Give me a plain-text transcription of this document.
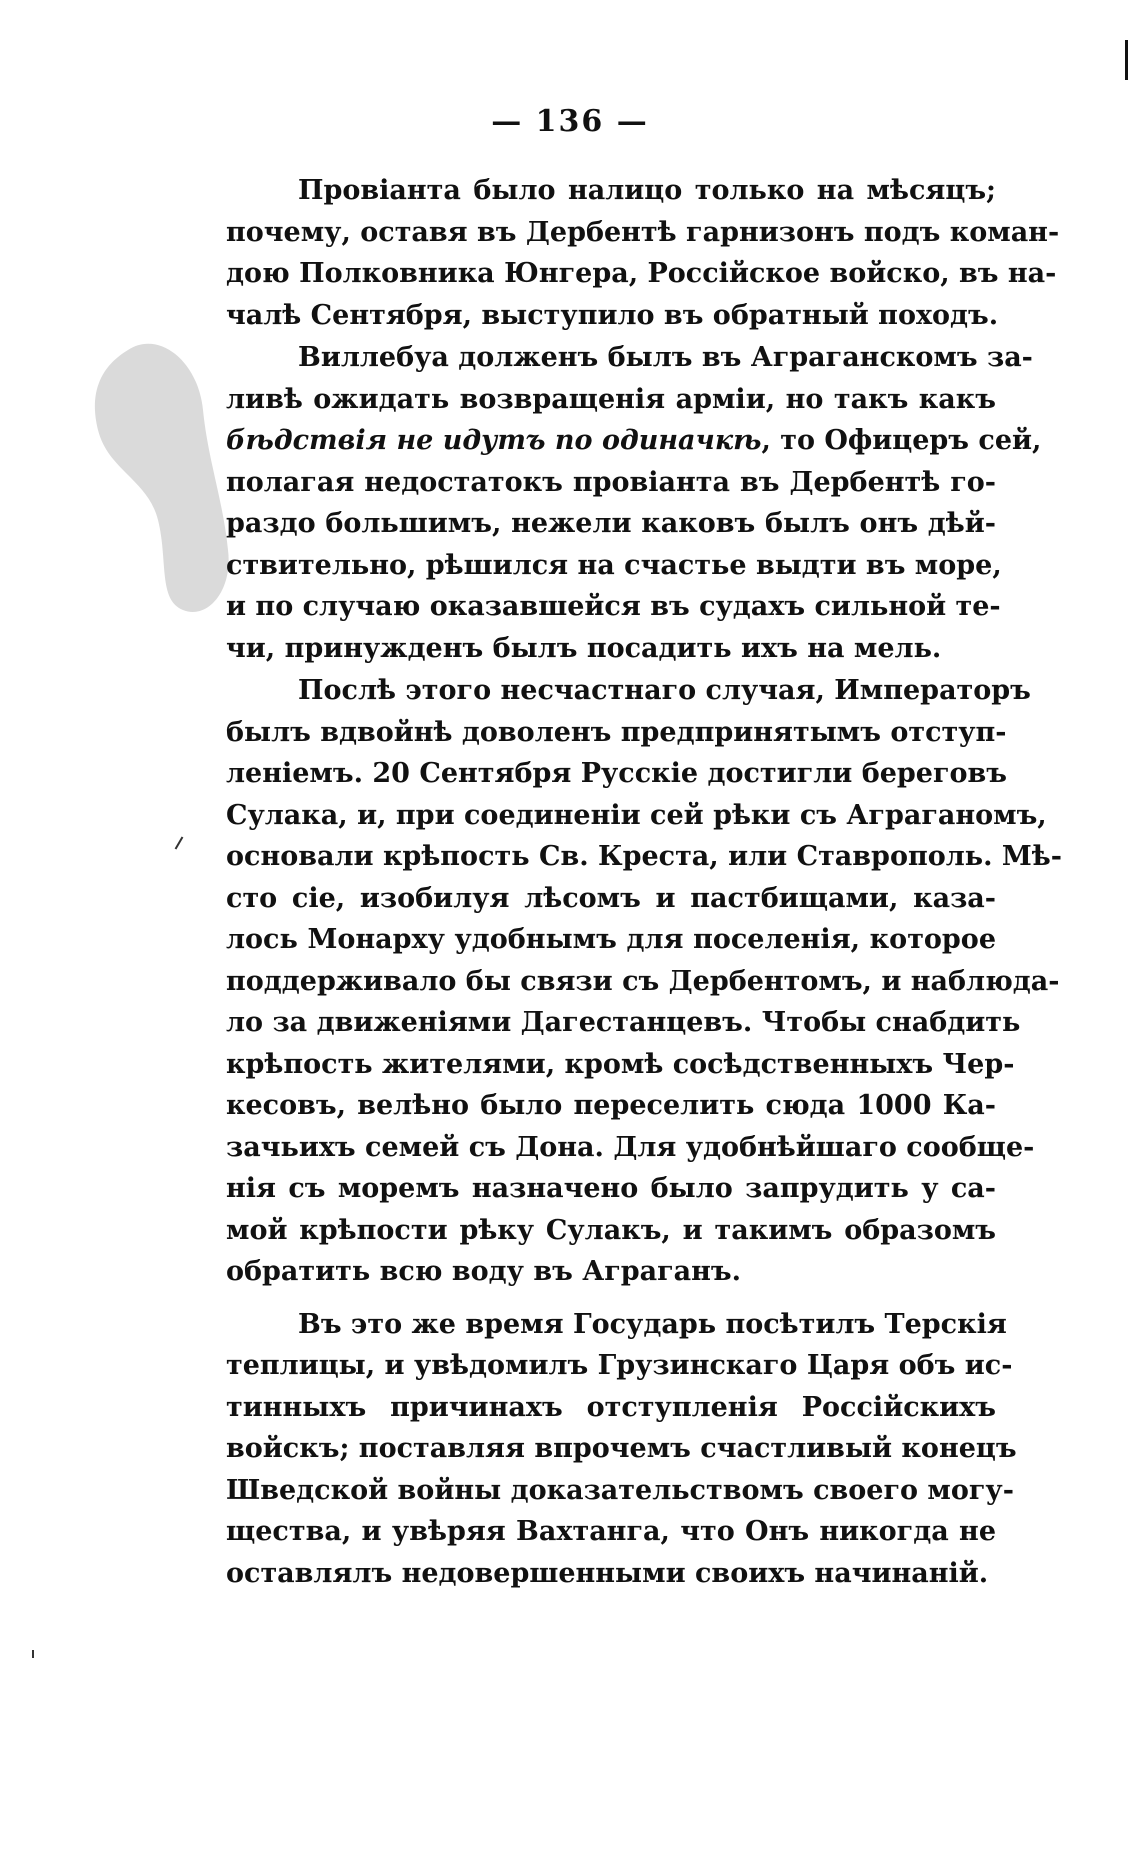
— 136 —
Провіанта было налицо только на мѣсяцъ;
почему, оставя въ Дербентѣ гарнизонъ подъ коман-
дою Полковника Юнгера, Россійское войско, въ на-
чалѣ Сентября, выступило въ обратный походъ.
Виллебуа долженъ былъ въ Аграганскомъ за-
ливѣ ожидать возвращенія арміи, но такъ какъ
бѣдствія не идутъ по одиначкѣ, то Офицеръ сей,
полагая недостатокъ провіанта въ Дербентѣ го-
раздо большимъ, нежели каковъ былъ онъ дѣй-
ствительно, рѣшился на счастье выдти въ море,
и по случаю оказавшейся въ судахъ сильной те-
чи, принужденъ былъ посадить ихъ на мель.
Послѣ этого несчастнаго случая, Императоръ
былъ вдвойнѣ доволенъ предпринятымъ отступ-
леніемъ. 20 Сентября Русскіе достигли береговъ
Сулака, и, при соединеніи сей рѣки съ Аграганомъ,
основали крѣпость Св. Креста, или Ставрополь. Мѣ-
сто сіе, изобилуя лѣсомъ и пастбищами, каза-
лось Монарху удобнымъ для поселенія, которое
поддерживало бы связи съ Дербентомъ, и наблюда-
ло за движеніями Дагестанцевъ. Чтобы снабдить
крѣпость жителями, кромѣ сосѣдственныхъ Чер-
кесовъ, велѣно было переселить сюда 1000 Ка-
зачьихъ семей съ Дона. Для удобнѣйшаго сообще-
нія съ моремъ назначено было запрудить у са-
мой крѣпости рѣку Сулакъ, и такимъ образомъ
обратить всю воду въ Аграганъ.
Въ это же время Государь посѣтилъ Терскія
теплицы, и увѣдомилъ Грузинскаго Царя объ ис-
тинныхъ причинахъ отступленія Россійскихъ
войскъ; поставляя впрочемъ счастливый конецъ
Шведской войны доказательствомъ своего могу-
щества, и увѣряя Вахтанга, что Онъ никогда не
оставлялъ недовершенными своихъ начинаній.
